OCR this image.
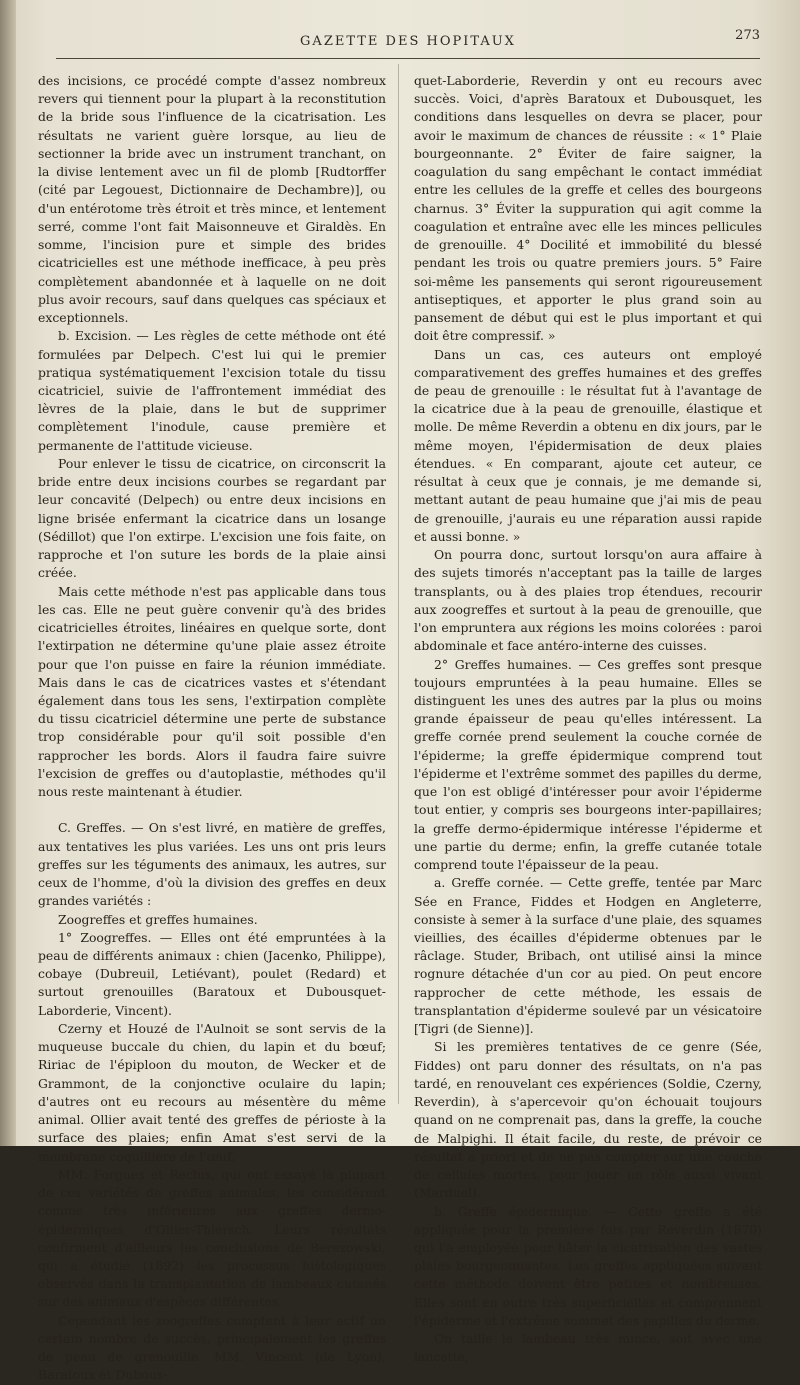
GAZETTE DES HOPITAUX	273

des incisions, ce procédé compte d'assez nombreux revers qui tiennent pour la plupart à la reconstitution de la bride sous l'influence de la cicatrisation. Les résultats ne varient guère lorsque, au lieu de sectionner la bride avec un instrument tranchant, on la divise lentement avec un fil de plomb [Rudtorffer (cité par Legouest, Dictionnaire de Dechambre)], ou d'un entérotome très étroit et très mince, et lentement serré, comme l'ont fait Maisonneuve et Giraldès. En somme, l'incision pure et simple des brides cicatricielles est une méthode inefficace, à peu près complètement abandonnée et à laquelle on ne doit plus avoir recours, sauf dans quelques cas spéciaux et exceptionnels.

b. Excision. — Les règles de cette méthode ont été formulées par Delpech. C'est lui qui le premier pratiqua systématiquement l'excision totale du tissu cicatriciel, suivie de l'affrontement immédiat des lèvres de la plaie, dans le but de supprimer complètement l'inodule, cause première et permanente de l'attitude vicieuse.

Pour enlever le tissu de cicatrice, on circonscrit la bride entre deux incisions courbes se regardant par leur concavité (Delpech) ou entre deux incisions en ligne brisée enfermant la cicatrice dans un losange (Sédillot) que l'on extirpe. L'excision une fois faite, on rapproche et l'on suture les bords de la plaie ainsi créée.

Mais cette méthode n'est pas applicable dans tous les cas. Elle ne peut guère convenir qu'à des brides cicatricielles étroites, linéaires en quelque sorte, dont l'extirpation ne détermine qu'une plaie assez étroite pour que l'on puisse en faire la réunion immédiate. Mais dans le cas de cicatrices vastes et s'étendant également dans tous les sens, l'extirpation complète du tissu cicatriciel détermine une perte de substance trop considérable pour qu'il soit possible d'en rapprocher les bords. Alors il faudra faire suivre l'excision de greffes ou d'autoplastie, méthodes qu'il nous reste maintenant à étudier.

C. Greffes. — On s'est livré, en matière de greffes, aux tentatives les plus variées. Les uns ont pris leurs greffes sur les téguments des animaux, les autres, sur ceux de l'homme, d'où la division des greffes en deux grandes variétés :

Zoogreffes et greffes humaines.

1° Zoogreffes. — Elles ont été empruntées à la peau de différents animaux : chien (Jacenko, Philippe), cobaye (Dubreuil, Letiévant), poulet (Redard) et surtout grenouilles (Baratoux et Dubousquet-Laborderie, Vincent).

Czerny et Houzé de l'Aulnoit se sont servis de la muqueuse buccale du chien, du lapin et du bœuf; Ririac de l'épiploon du mouton, de Wecker et de Grammont, de la conjonctive oculaire du lapin; d'autres ont eu recours au mésentère du même animal. Ollier avait tenté des greffes de périoste à la surface des plaies; enfin Amat s'est servi de la membrane coquillière de l'œuf.

MM. Forgues et Reclus, qui ont essayé la plupart de ces variétés de greffes animales, les considèrent comme très inférieures aux greffes dermo-épidermiques d'Ollier-Thiersch. Leurs résultats confirment d'ailleurs les conclusions de Berezowski, qui a étudié (1892) les processus histologiques observés dans la transplantation de lambeaux cutanés sur des animaux d'espèces différentes.

Cependant les zoogreffes comptent à leur actif un certain nombre de succès, principalement les greffes de peau de grenouille. MM. Vincent (de Lyon), Baratoux et Dubous-

quet-Laborderie, Reverdin y ont eu recours avec succès. Voici, d'après Baratoux et Dubousquet, les conditions dans lesquelles on devra se placer, pour avoir le maximum de chances de réussite : « 1° Plaie bourgeonnante. 2° Éviter de faire saigner, la coagulation du sang empêchant le contact immédiat entre les cellules de la greffe et celles des bourgeons charnus. 3° Éviter la suppuration qui agit comme la coagulation et entraîne avec elle les minces pellicules de grenouille. 4° Docilité et immobilité du blessé pendant les trois ou quatre premiers jours. 5° Faire soi-même les pansements qui seront rigoureusement antiseptiques, et apporter le plus grand soin au pansement de début qui est le plus important et qui doit être compressif. »

Dans un cas, ces auteurs ont employé comparativement des greffes humaines et des greffes de peau de grenouille : le résultat fut à l'avantage de la cicatrice due à la peau de grenouille, élastique et molle. De même Reverdin a obtenu en dix jours, par le même moyen, l'épidermisation de deux plaies étendues. « En comparant, ajoute cet auteur, ce résultat à ceux que je connais, je me demande si, mettant autant de peau humaine que j'ai mis de peau de grenouille, j'aurais eu une réparation aussi rapide et aussi bonne. »

On pourra donc, surtout lorsqu'on aura affaire à des sujets timorés n'acceptant pas la taille de larges transplants, ou à des plaies trop étendues, recourir aux zoogreffes et surtout à la peau de grenouille, que l'on empruntera aux régions les moins colorées : paroi abdominale et face antéro-interne des cuisses.

2° Greffes humaines. — Ces greffes sont presque toujours empruntées à la peau humaine. Elles se distinguent les unes des autres par la plus ou moins grande épaisseur de peau qu'elles intéressent. La greffe cornée prend seulement la couche cornée de l'épiderme; la greffe épidermique comprend tout l'épiderme et l'extrême sommet des papilles du derme, que l'on est obligé d'intéresser pour avoir l'épiderme tout entier, y compris ses bourgeons inter-papillaires; la greffe dermo-épidermique intéresse l'épiderme et une partie du derme; enfin, la greffe cutanée totale comprend toute l'épaisseur de la peau.

a. Greffe cornée. — Cette greffe, tentée par Marc Sée en France, Fiddes et Hodgen en Angleterre, consiste à semer à la surface d'une plaie, des squames vieillies, des écailles d'épiderme obtenues par le râclage. Studer, Bribach, ont utilisé ainsi la mince rognure détachée d'un cor au pied. On peut encore rapprocher de cette méthode, les essais de transplantation d'épiderme soulevé par un vésicatoire [Tigri (de Sienne)].

Si les premières tentatives de ce genre (Sée, Fiddes) ont paru donner des résultats, on n'a pas tardé, en renouvelant ces expériences (Soldie, Czerny, Reverdin), à s'apercevoir qu'on échouait toujours quand on ne comprenait pas, dans la greffe, la couche de Malpighi. Il était facile, du reste, de prévoir ce résultat a priori et de ne pas compter sur une couche de cellules mortes, pour jouer un rôle aussi vivant (Marduel).

b. Greffe épidermique. — Cette greffe a été appliquée pour la première fois par Reverdin (1870) qui l'a employée pour hâter la cicatrisation des vastes plaies bourgeonnantes. Les greffes appliquées suivant cette méthode doivent être petites et nombreuses. Elles sont en outre très superficielles et comprennent l'épiderme et l'extrême sommet des papilles du derme.

On taille le lambeau très mince, soit avec une lancette,
